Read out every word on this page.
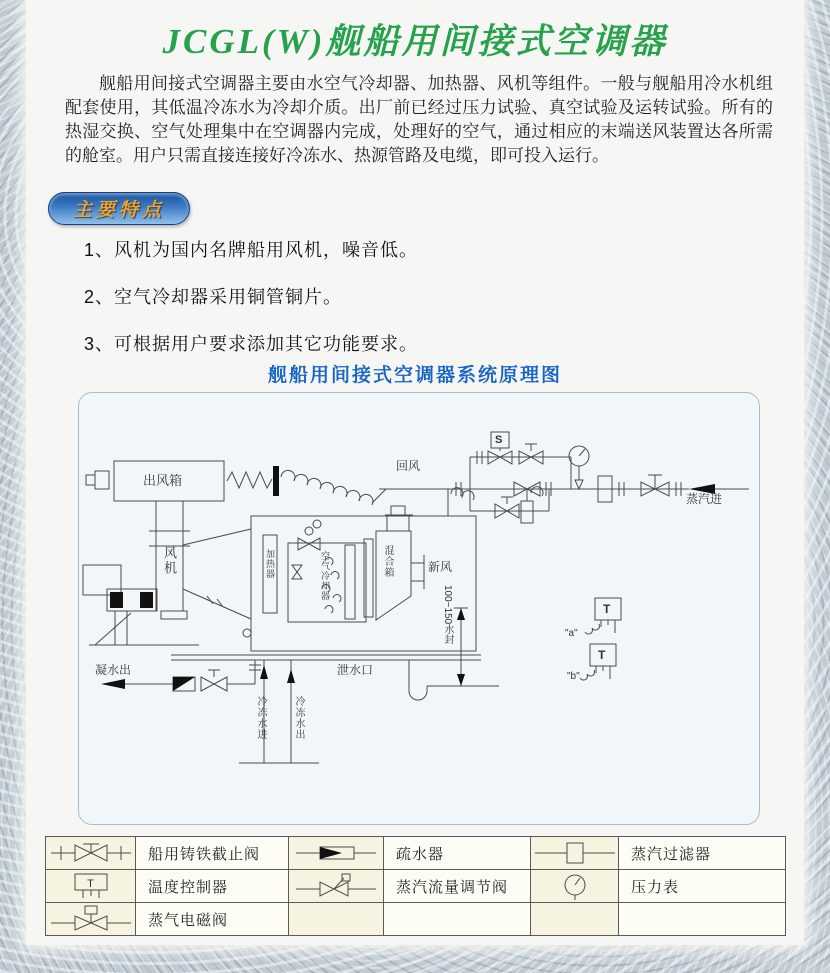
JCGL(W)舰船用间接式空调器

舰船用间接式空调器主要由水空气冷却器、加热器、风机等组件。一般与舰船用冷水机组配套使用，其低温冷冻水为冷却介质。出厂前已经过压力试验、真空试验及运转试验。所有的热湿交换、空气处理集中在空调器内完成，处理好的空气，通过相应的末端送风装置达各所需的舱室。用户只需直接连接好冷冻水、热源管路及电缆，即可投入运行。

主要特点
1、风机为国内名牌船用风机，噪音低。
2、空气冷却器采用铜管铜片。
3、可根据用户要求添加其它功能要求。
舰船用间接式空调器系统原理图
出风箱
风机
回风
新风
混合箱
加热器	空气冷却器
蒸汽进
凝水出
冷冻水进	冷冻水出
泄水口
100~150水封
S
T
T
"a"
"b"
	船用铸铁截止阀		疏水器		蒸汽过滤器

T	温度控制器		蒸汽流量调节阀		压力表
	蒸气电磁阀				
